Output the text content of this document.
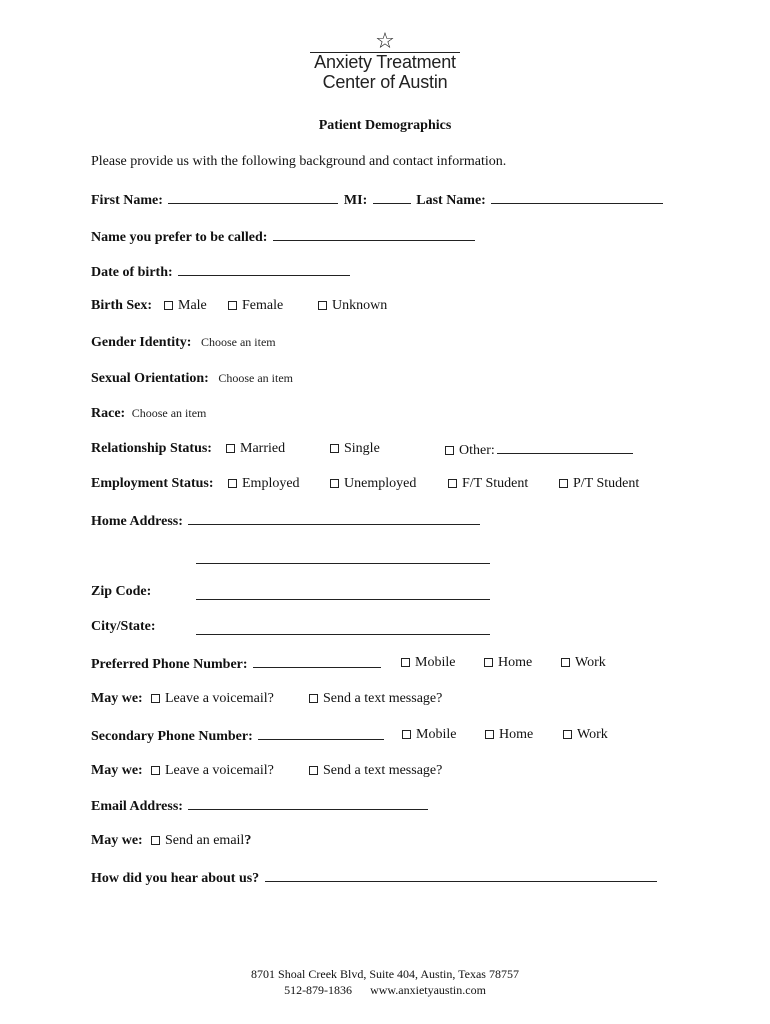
☆
Anxiety Treatment
Center of Austin
Patient Demographics
Please provide us with the following background and contact information.
First Name:	MI:	Last Name:
Name you prefer to be called:
Date of birth:
Birth Sex:	Male	Female	Unknown
Gender Identity: Choose an item
Sexual Orientation: Choose an item
Race: Choose an item
Relationship Status:	Married	Single	Other:
Employment Status:	Employed	Unemployed	F/T Student	P/T Student
Home Address:
Zip Code:
City/State:
Preferred Phone Number:	Mobile	Home	Work
May we:	Leave a voicemail?	Send a text message?
Secondary Phone Number:	Mobile	Home	Work
May we:	Leave a voicemail?	Send a text message?
Email Address:
May we:	Send an email?
How did you hear about us?
8701 Shoal Creek Blvd, Suite 404, Austin, Texas 78757
512-879-1836 www.anxietyaustin.com
